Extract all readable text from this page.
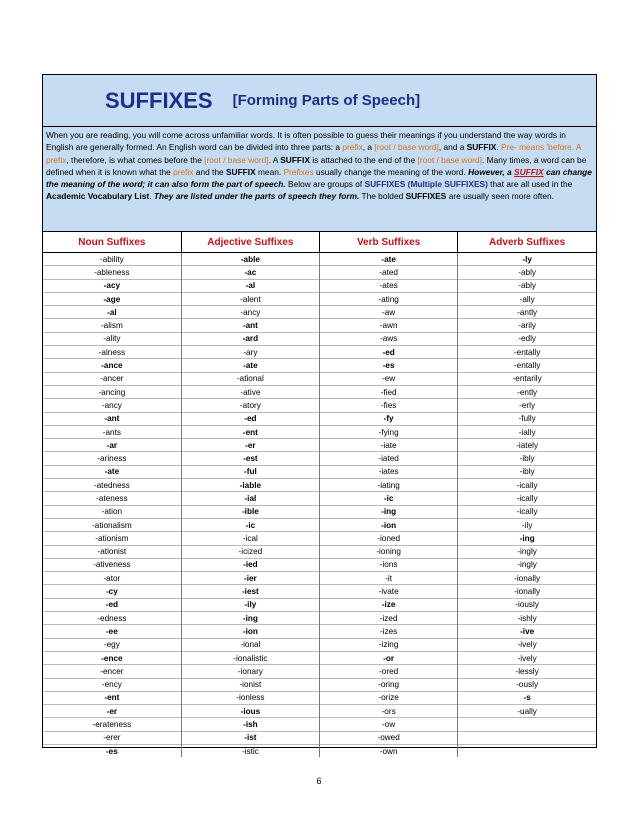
SUFFIXES [Forming Parts of Speech]
When you are reading, you will come across unfamiliar words. It is often possible to guess their meanings if you understand the way words in English are generally formed. An English word can be divided into three parts: a prefix, a [root / base word], and a SUFFIX. Pre- means 'before. A prefix, therefore, is what comes before the [root / base word]. A SUFFIX is attached to the end of the [root / base word]. Many times, a word can be defined when it is known what the prefix and the SUFFIX mean. Prefixes usually change the meaning of the word. However, a SUFFIX can change the meaning of the word; it can also form the part of speech. Below are groups of SUFFIXES (Multiple SUFFIXES) that are all used in the Academic Vocabulary List. They are listed under the parts of speech they form. The bolded SUFFIXES are usually seen more often.
Noun Suffixes	Adjective Suffixes	Verb Suffixes	Adverb Suffixes
-ability	-able	-ate	-ly
-ableness	-ac	-ated	-ably
-acy	-al	-ates	-ably
-age	-alent	-ating	-ally
-al	-ancy	-aw	-antly
-alism	-ant	-awn	-arily
-ality	-ard	-aws	-edly
-alness	-ary	-ed	-entally
-ance	-ate	-es	-entally
-ancer	-ational	-ew	-entarily
-ancing	-ative	-fied	-ently
-ancy	-atory	-fies	-erly
-ant	-ed	-fy	-fully
-ants	-ent	-fying	-ially
-ar	-er	-iate	-iately
-ariness	-est	-iated	-ibly
-ate	-ful	-iates	-ibly
-atedness	-iable	-iating	-ically
-ateness	-ial	-ic	-ically
-ation	-ible	-ing	-ically
-ationalism	-ic	-ion	-ily
-ationism	-ical	-ioned	-ing
-ationist	-icized	-ioning	-ingly
-ativeness	-ied	-ions	-ingly
-ator	-ier	-it	-ionally
-cy	-iest	-ivate	-ionally
-ed	-ily	-ize	-iously
-edness	-ing	-ized	-ishly
-ee	-ion	-izes	-ive
-egy	-ional	-izing	-ively
-ence	-ionalistic	-or	-ively
-encer	-ionary	-ored	-lessly
-ency	-ionist	-oring	-ously
-ent	-ionless	-orize	-s
-er	-ious	-ors	-ually
-erateness	-ish	-ow	
-erer	-ist	-owed	
-es	-istic	-own	
6
